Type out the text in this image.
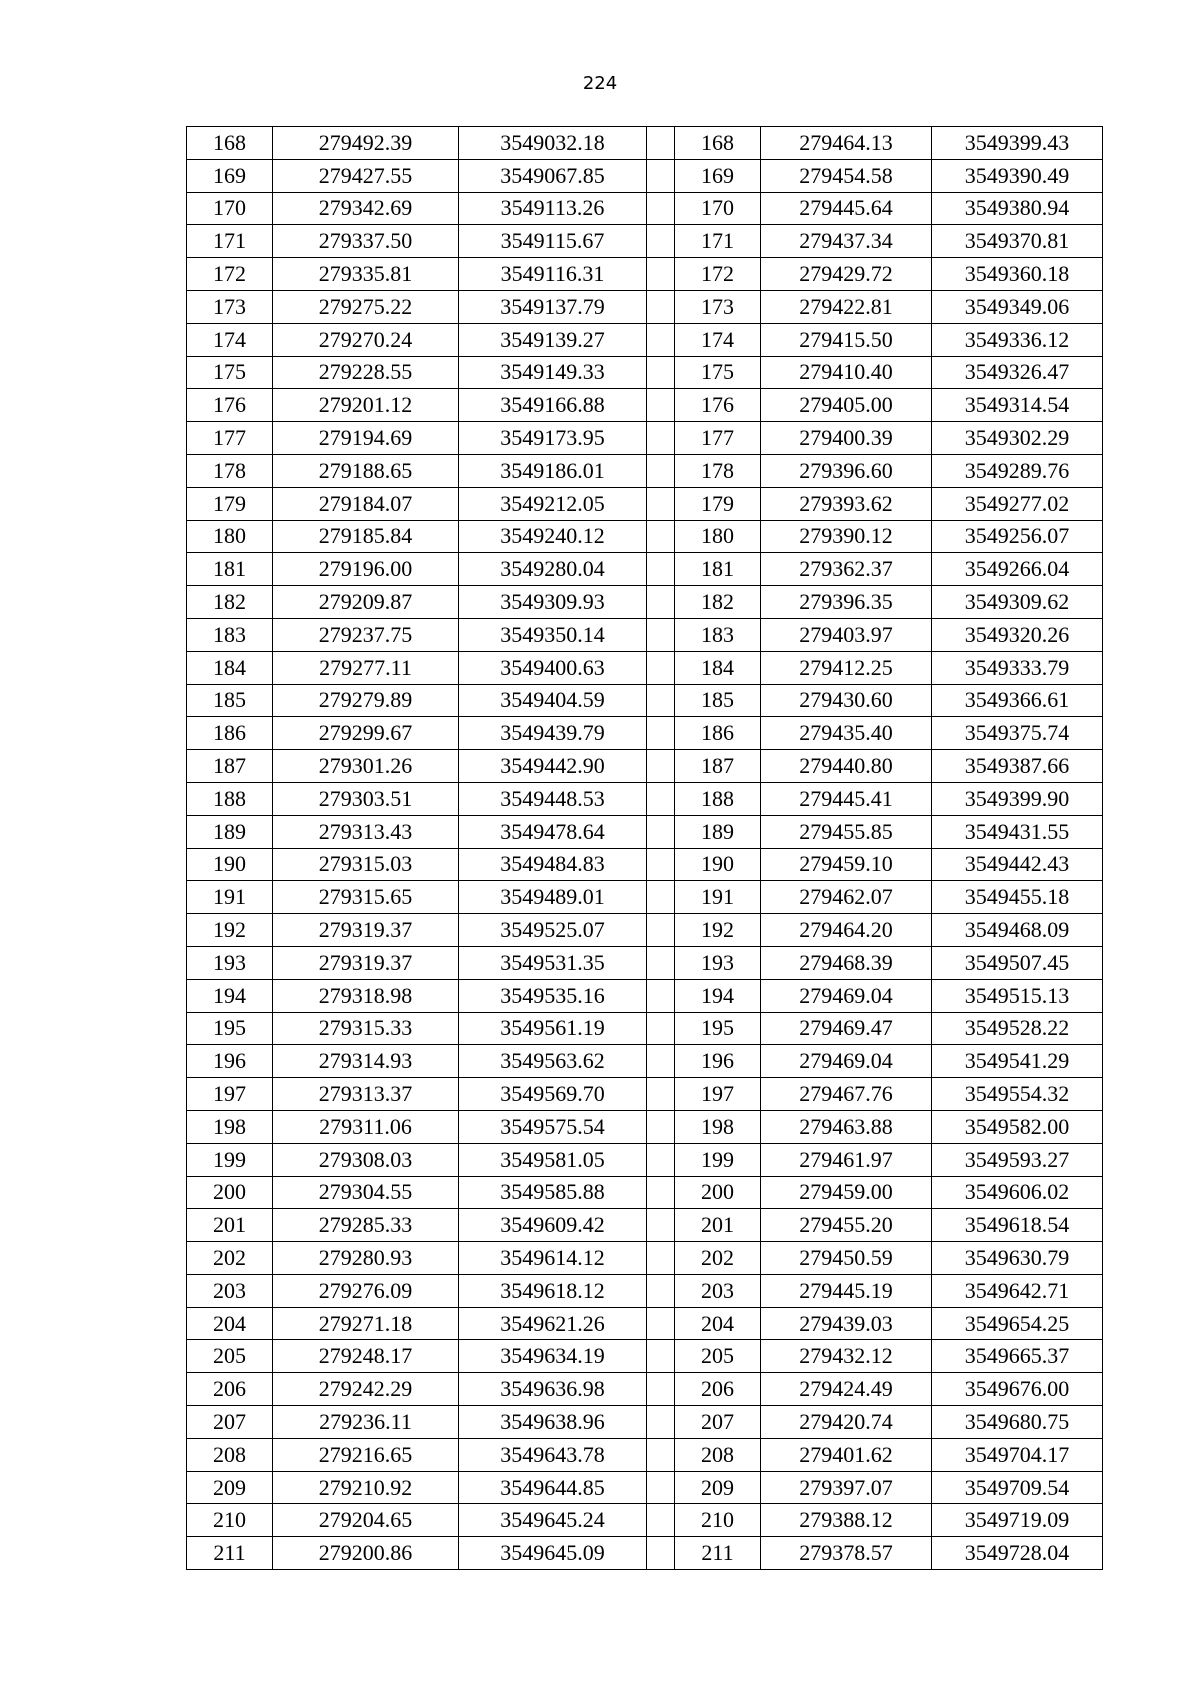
224
168	279492.39	3549032.18		168	279464.13	3549399.43
169	279427.55	3549067.85		169	279454.58	3549390.49
170	279342.69	3549113.26		170	279445.64	3549380.94
171	279337.50	3549115.67		171	279437.34	3549370.81
172	279335.81	3549116.31		172	279429.72	3549360.18
173	279275.22	3549137.79		173	279422.81	3549349.06
174	279270.24	3549139.27		174	279415.50	3549336.12
175	279228.55	3549149.33		175	279410.40	3549326.47
176	279201.12	3549166.88		176	279405.00	3549314.54
177	279194.69	3549173.95		177	279400.39	3549302.29
178	279188.65	3549186.01		178	279396.60	3549289.76
179	279184.07	3549212.05		179	279393.62	3549277.02
180	279185.84	3549240.12		180	279390.12	3549256.07
181	279196.00	3549280.04		181	279362.37	3549266.04
182	279209.87	3549309.93		182	279396.35	3549309.62
183	279237.75	3549350.14		183	279403.97	3549320.26
184	279277.11	3549400.63		184	279412.25	3549333.79
185	279279.89	3549404.59		185	279430.60	3549366.61
186	279299.67	3549439.79		186	279435.40	3549375.74
187	279301.26	3549442.90		187	279440.80	3549387.66
188	279303.51	3549448.53		188	279445.41	3549399.90
189	279313.43	3549478.64		189	279455.85	3549431.55
190	279315.03	3549484.83		190	279459.10	3549442.43
191	279315.65	3549489.01		191	279462.07	3549455.18
192	279319.37	3549525.07		192	279464.20	3549468.09
193	279319.37	3549531.35		193	279468.39	3549507.45
194	279318.98	3549535.16		194	279469.04	3549515.13
195	279315.33	3549561.19		195	279469.47	3549528.22
196	279314.93	3549563.62		196	279469.04	3549541.29
197	279313.37	3549569.70		197	279467.76	3549554.32
198	279311.06	3549575.54		198	279463.88	3549582.00
199	279308.03	3549581.05		199	279461.97	3549593.27
200	279304.55	3549585.88		200	279459.00	3549606.02
201	279285.33	3549609.42		201	279455.20	3549618.54
202	279280.93	3549614.12		202	279450.59	3549630.79
203	279276.09	3549618.12		203	279445.19	3549642.71
204	279271.18	3549621.26		204	279439.03	3549654.25
205	279248.17	3549634.19		205	279432.12	3549665.37
206	279242.29	3549636.98		206	279424.49	3549676.00
207	279236.11	3549638.96		207	279420.74	3549680.75
208	279216.65	3549643.78		208	279401.62	3549704.17
209	279210.92	3549644.85		209	279397.07	3549709.54
210	279204.65	3549645.24		210	279388.12	3549719.09
211	279200.86	3549645.09		211	279378.57	3549728.04
